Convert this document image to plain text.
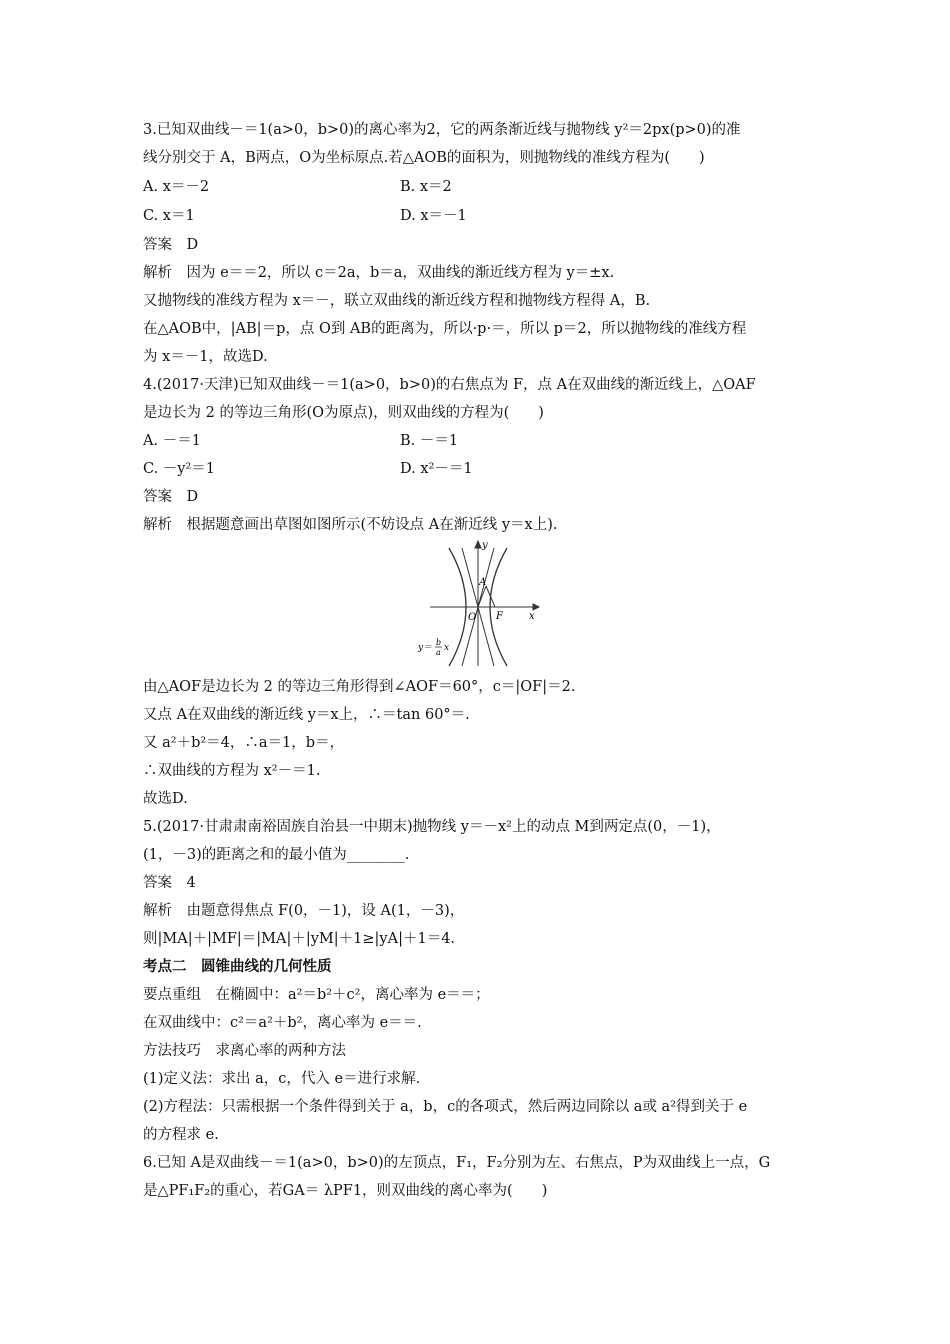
3.已知双曲线－＝1(a>0，b>0)的离心率为2，它的两条渐近线与抛物线 y²＝2px(p>0)的准
线分别交于 A，B两点，O为坐标原点.若△AOB的面积为，则抛物线的准线方程为(　　)
A. x＝－2	B. x＝2
C. x＝1	D. x＝－1
答案　D
解析　因为 e＝＝2，所以 c＝2a，b＝a，双曲线的渐近线方程为 y＝±x.
又抛物线的准线方程为 x＝－，联立双曲线的渐近线方程和抛物线方程得 A，B.
在△AOB中，|AB|＝p，点 O到 AB的距离为，所以·p·＝，所以 p＝2，所以抛物线的准线方程
为 x＝－1，故选D.
4.(2017·天津)已知双曲线－＝1(a>0，b>0)的右焦点为 F，点 A在双曲线的渐近线上，△OAF
是边长为 2 的等边三角形(O为原点)，则双曲线的方程为(　　)
A. －＝1	B. －＝1
C. －y²＝1	D. x²－＝1
答案　D
解析　根据题意画出草图如图所示(不妨设点 A在渐近线 y＝x上).
y
x
O
A
F
y＝
b
a x
由△AOF是边长为 2 的等边三角形得到∠AOF＝60°，c＝|OF|＝2.
又点 A在双曲线的渐近线 y＝x上，∴＝tan 60°＝.
又 a²＋b²＝4，∴a＝1，b＝，
∴双曲线的方程为 x²－＝1.
故选D.
5.(2017·甘肃肃南裕固族自治县一中期末)抛物线 y＝－x²上的动点 M到两定点(0，－1)，
(1，－3)的距离之和的最小值为________.
答案　4
解析　由题意得焦点 F(0，－1)，设 A(1，－3)，
则|MA|＋|MF|＝|MA|＋|yM|＋1≥|yA|＋1＝4.
考点二　圆锥曲线的几何性质
要点重组　在椭圆中：a²＝b²＋c²，离心率为 e＝＝；
在双曲线中：c²＝a²＋b²，离心率为 e＝＝.
方法技巧　求离心率的两种方法
(1)定义法：求出 a，c，代入 e＝进行求解.
(2)方程法：只需根据一个条件得到关于 a，b，c的各项式，然后两边同除以 a或 a²得到关于 e
的方程求 e.
6.已知 A是双曲线－＝1(a>0，b>0)的左顶点，F₁，F₂分别为左、右焦点，P为双曲线上一点，G
是△PF₁F₂的重心，若GA＝ λPF1，则双曲线的离心率为(　　)
